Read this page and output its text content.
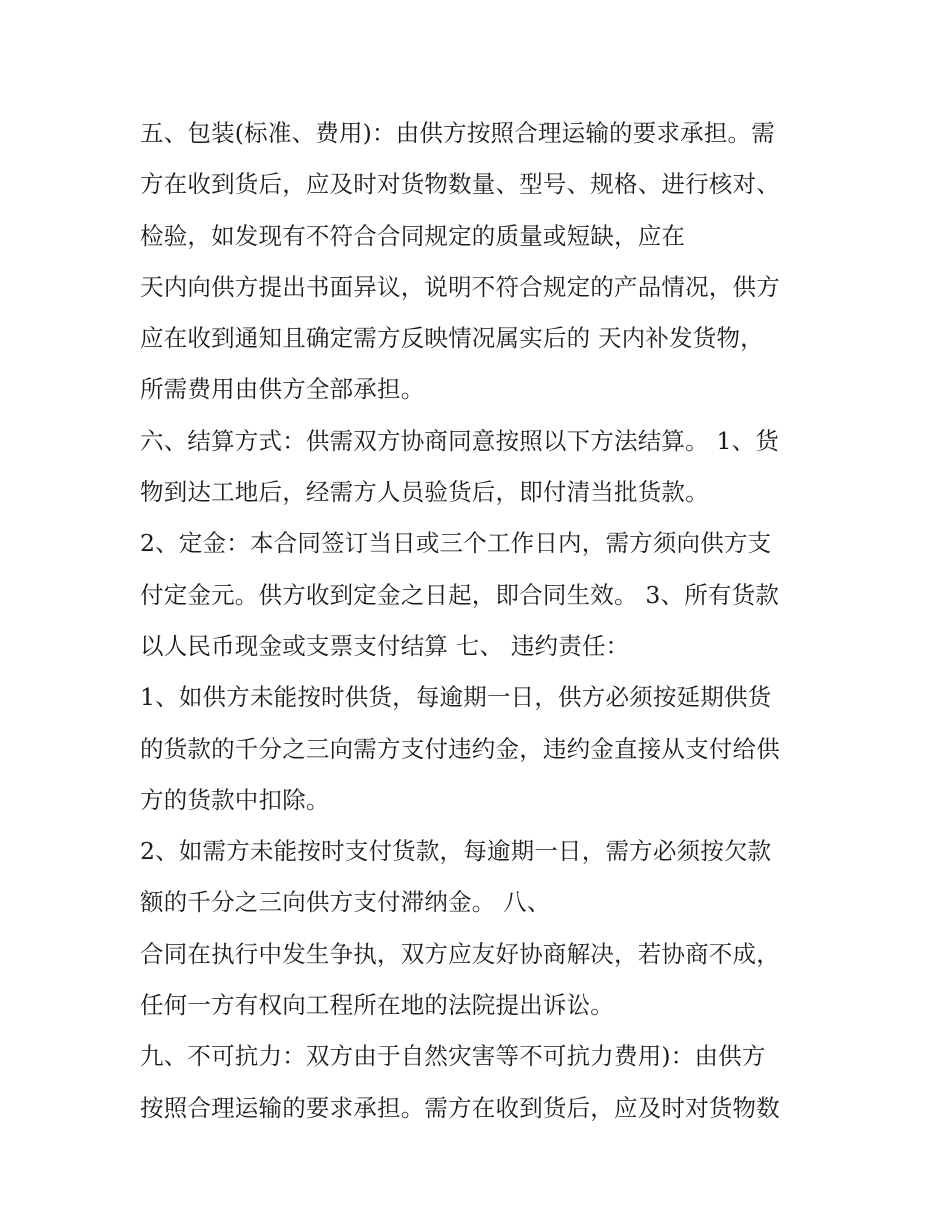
五、包装(标准、费用)：由供方按照合理运输的要求承担。需
方在收到货后，应及时对货物数量、型号、规格、进行核对、
检验，如发现有不符合合同规定的质量或短缺，应在
天内向供方提出书面异议，说明不符合规定的产品情况，供方
应在收到通知且确定需方反映情况属实后的 天内补发货物，
所需费用由供方全部承担。
六、结算方式：供需双方协商同意按照以下方法结算。 1、货
物到达工地后，经需方人员验货后，即付清当批货款。
2、定金：本合同签订当日或三个工作日内，需方须向供方支
付定金元。供方收到定金之日起，即合同生效。 3、所有货款
以人民币现金或支票支付结算 七、 违约责任：
1、如供方未能按时供货，每逾期一日，供方必须按延期供货
的货款的千分之三向需方支付违约金，违约金直接从支付给供
方的货款中扣除。
2、如需方未能按时支付货款，每逾期一日，需方必须按欠款
额的千分之三向供方支付滞纳金。 八、
合同在执行中发生争执，双方应友好协商解决，若协商不成，
任何一方有权向工程所在地的法院提出诉讼。
九、不可抗力：双方由于自然灾害等不可抗力费用)：由供方
按照合理运输的要求承担。需方在收到货后，应及时对货物数
